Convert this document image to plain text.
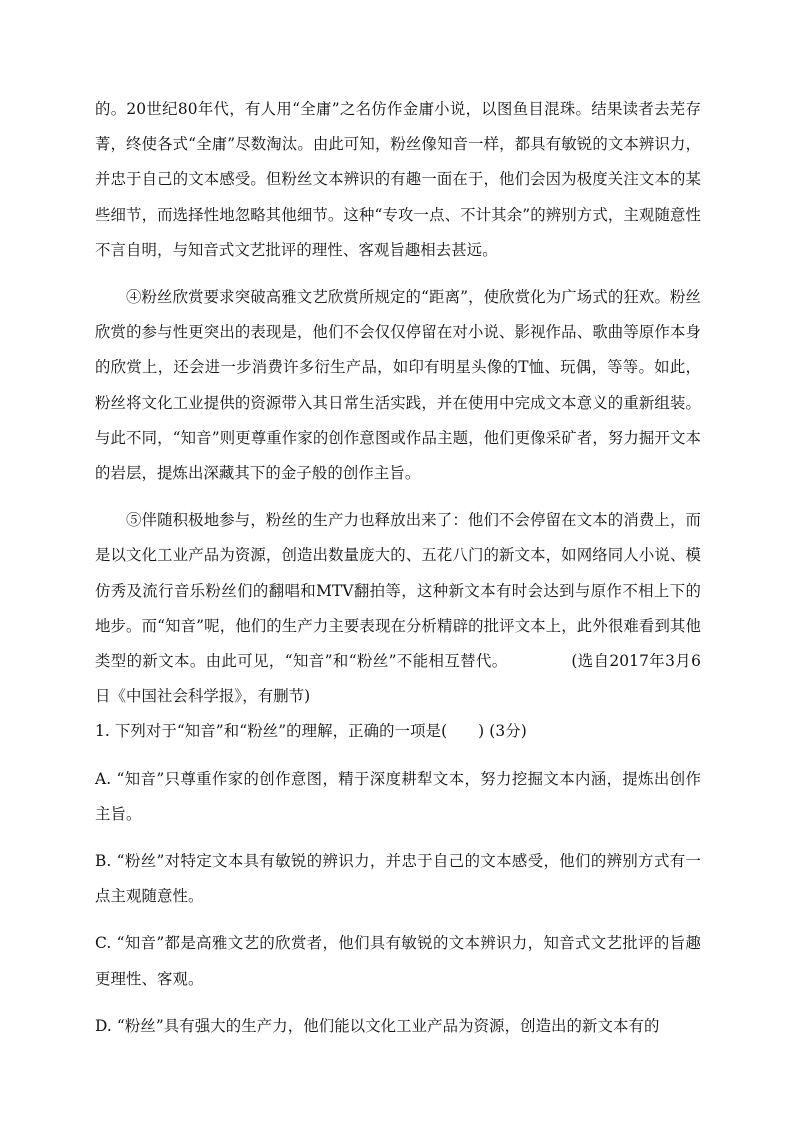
的。20世纪80年代，有人用“全庸”之名仿作金庸小说，以图鱼目混珠。结果读者去芜存菁，终使各式“全庸”尽数淘汰。由此可知，粉丝像知音一样，都具有敏锐的文本辨识力，并忠于自己的文本感受。但粉丝文本辨识的有趣一面在于，他们会因为极度关注文本的某些细节，而选择性地忽略其他细节。这种“专攻一点、不计其余”的辨别方式，主观随意性不言自明，与知音式文艺批评的理性、客观旨趣相去甚远。

④粉丝欣赏要求突破高雅文艺欣赏所规定的“距离”，使欣赏化为广场式的狂欢。粉丝欣赏的参与性更突出的表现是，他们不会仅仅停留在对小说、影视作品、歌曲等原作本身的欣赏上，还会进一步消费许多衍生产品，如印有明星头像的T恤、玩偶，等等。如此，粉丝将文化工业提供的资源带入其日常生活实践，并在使用中完成文本意义的重新组装。与此不同，“知音”则更尊重作家的创作意图或作品主题，他们更像采矿者，努力掘开文本的岩层，提炼出深藏其下的金子般的创作主旨。

⑤伴随积极地参与，粉丝的生产力也释放出来了：他们不会停留在文本的消费上，而是以文化工业产品为资源，创造出数量庞大的、五花八门的新文本，如网络同人小说、模仿秀及流行音乐粉丝们的翻唱和MTV翻拍等，这种新文本有时会达到与原作不相上下的地步。而“知音”呢，他们的生产力主要表现在分析精辟的批评文本上，此外很难看到其他类型的新文本。由此可见，“知音”和“粉丝”不能相互替代。	(选自2017年3月6日《中国社会科学报》，有删节)

1. 下列对于“知音”和“粉丝”的理解，正确的一项是(　　) (3分)

A. “知音”只尊重作家的创作意图，精于深度耕犁文本，努力挖掘文本内涵，提炼出创作主旨。

B. “粉丝”对特定文本具有敏锐的辨识力，并忠于自己的文本感受，他们的辨别方式有一点主观随意性。

C. “知音”都是高雅文艺的欣赏者，他们具有敏锐的文本辨识力，知音式文艺批评的旨趣更理性、客观。

D. “粉丝”具有强大的生产力，他们能以文化工业产品为资源，创造出的新文本有的
